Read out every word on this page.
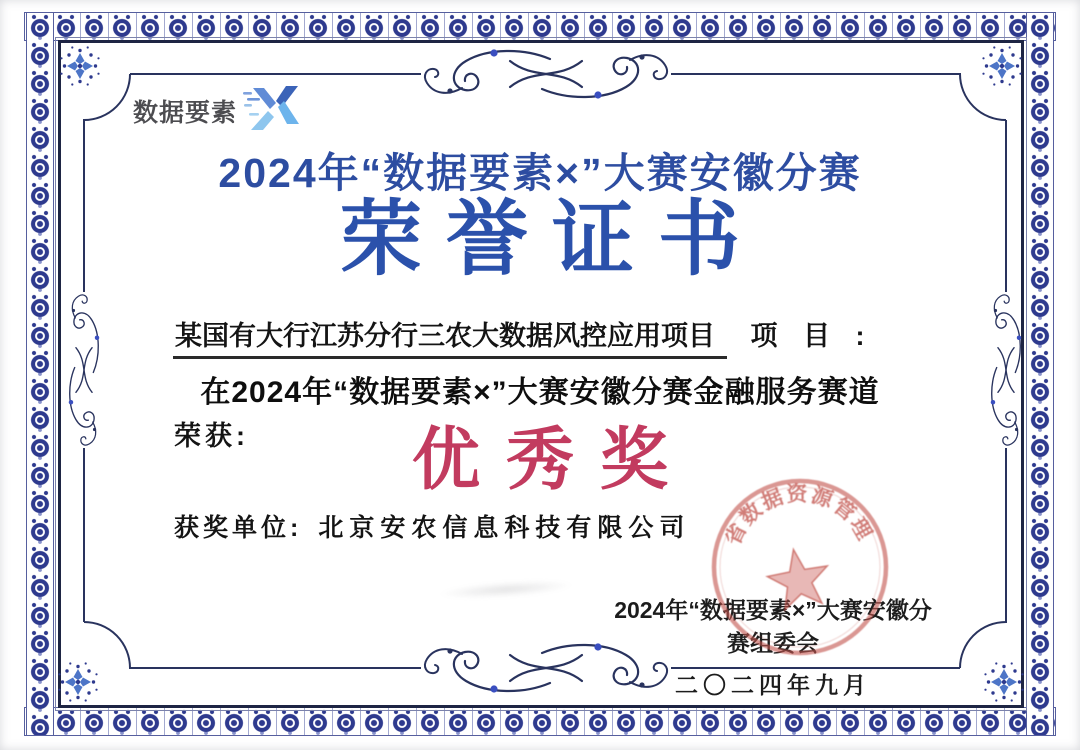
数据要素
2024年“数据要素×”大赛安徽分赛
荣誉证书
某国有大行江苏分行三农大数据风控应用项目 项 目 :
在2024年“数据要素×”大赛安徽分赛金融服务赛道
荣获:	优秀奖
获奖单位: 北京安农信息科技有限公司
2024年“数据要素×”大赛安徽分赛组委会
二〇二四年九月
省数据资源管理
